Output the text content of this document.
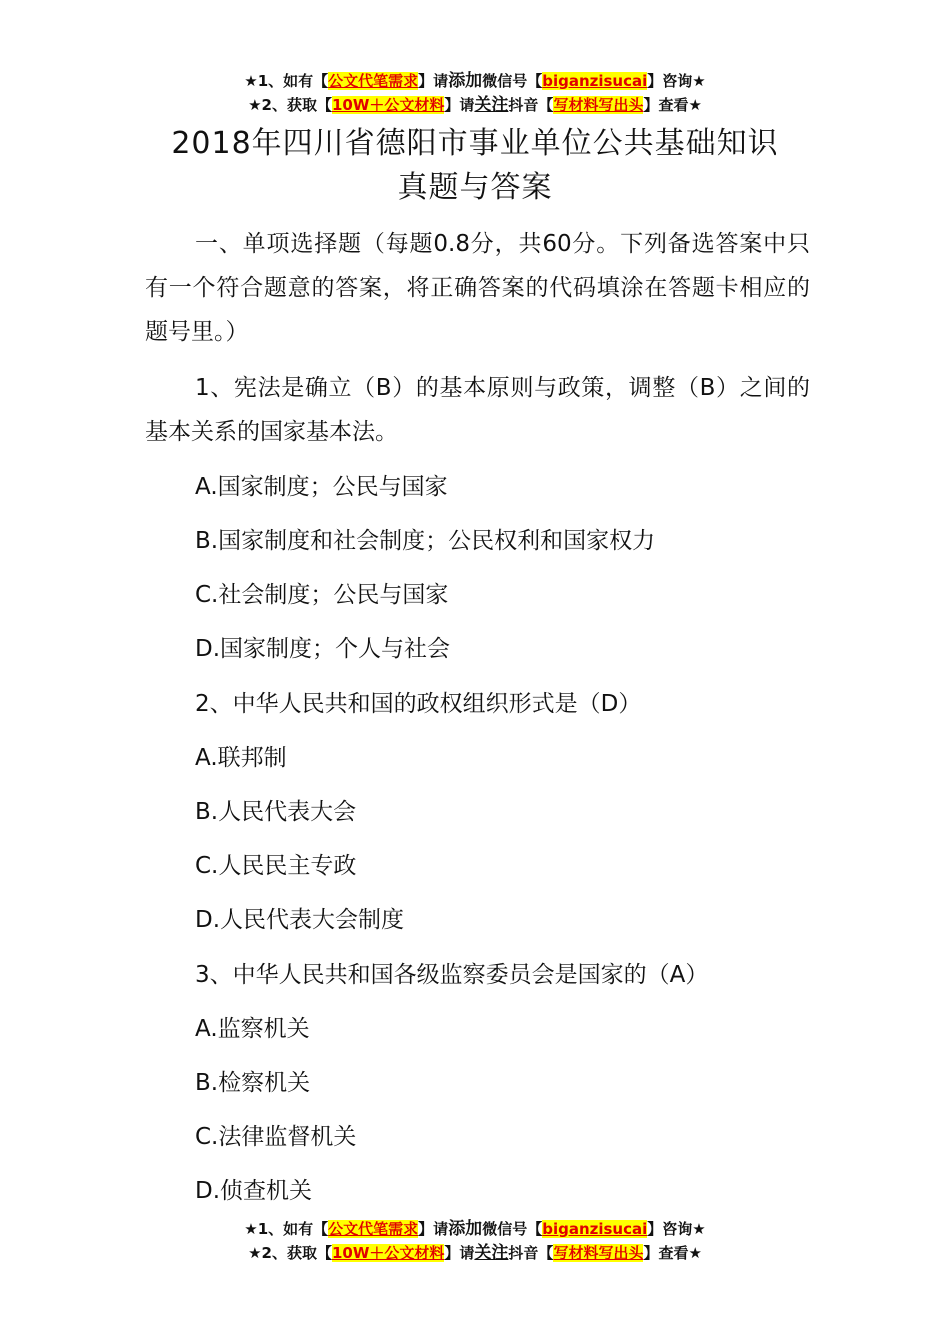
★1、如有【公文代笔需求】请添加微信号【biganzisucai】咨询★
★2、获取【10W＋公文材料】请关注抖音【写材料写出头】查看★
2018年四川省德阳市事业单位公共基础知识
真题与答案
一、单项选择题（每题0.8分，共60分。下列备选答案中只有一个符合题意的答案，将正确答案的代码填涂在答题卡相应的题号里。）
1、宪法是确立（B）的基本原则与政策，调整（B）之间的基本关系的国家基本法。
A.国家制度；公民与国家
B.国家制度和社会制度；公民权利和国家权力
C.社会制度；公民与国家
D.国家制度；个人与社会
2、中华人民共和国的政权组织形式是（D）
A.联邦制
B.人民代表大会
C.人民民主专政
D.人民代表大会制度
3、中华人民共和国各级监察委员会是国家的（A）
A.监察机关
B.检察机关
C.法律监督机关
D.侦查机关
★1、如有【公文代笔需求】请添加微信号【biganzisucai】咨询★
★2、获取【10W＋公文材料】请关注抖音【写材料写出头】查看★
